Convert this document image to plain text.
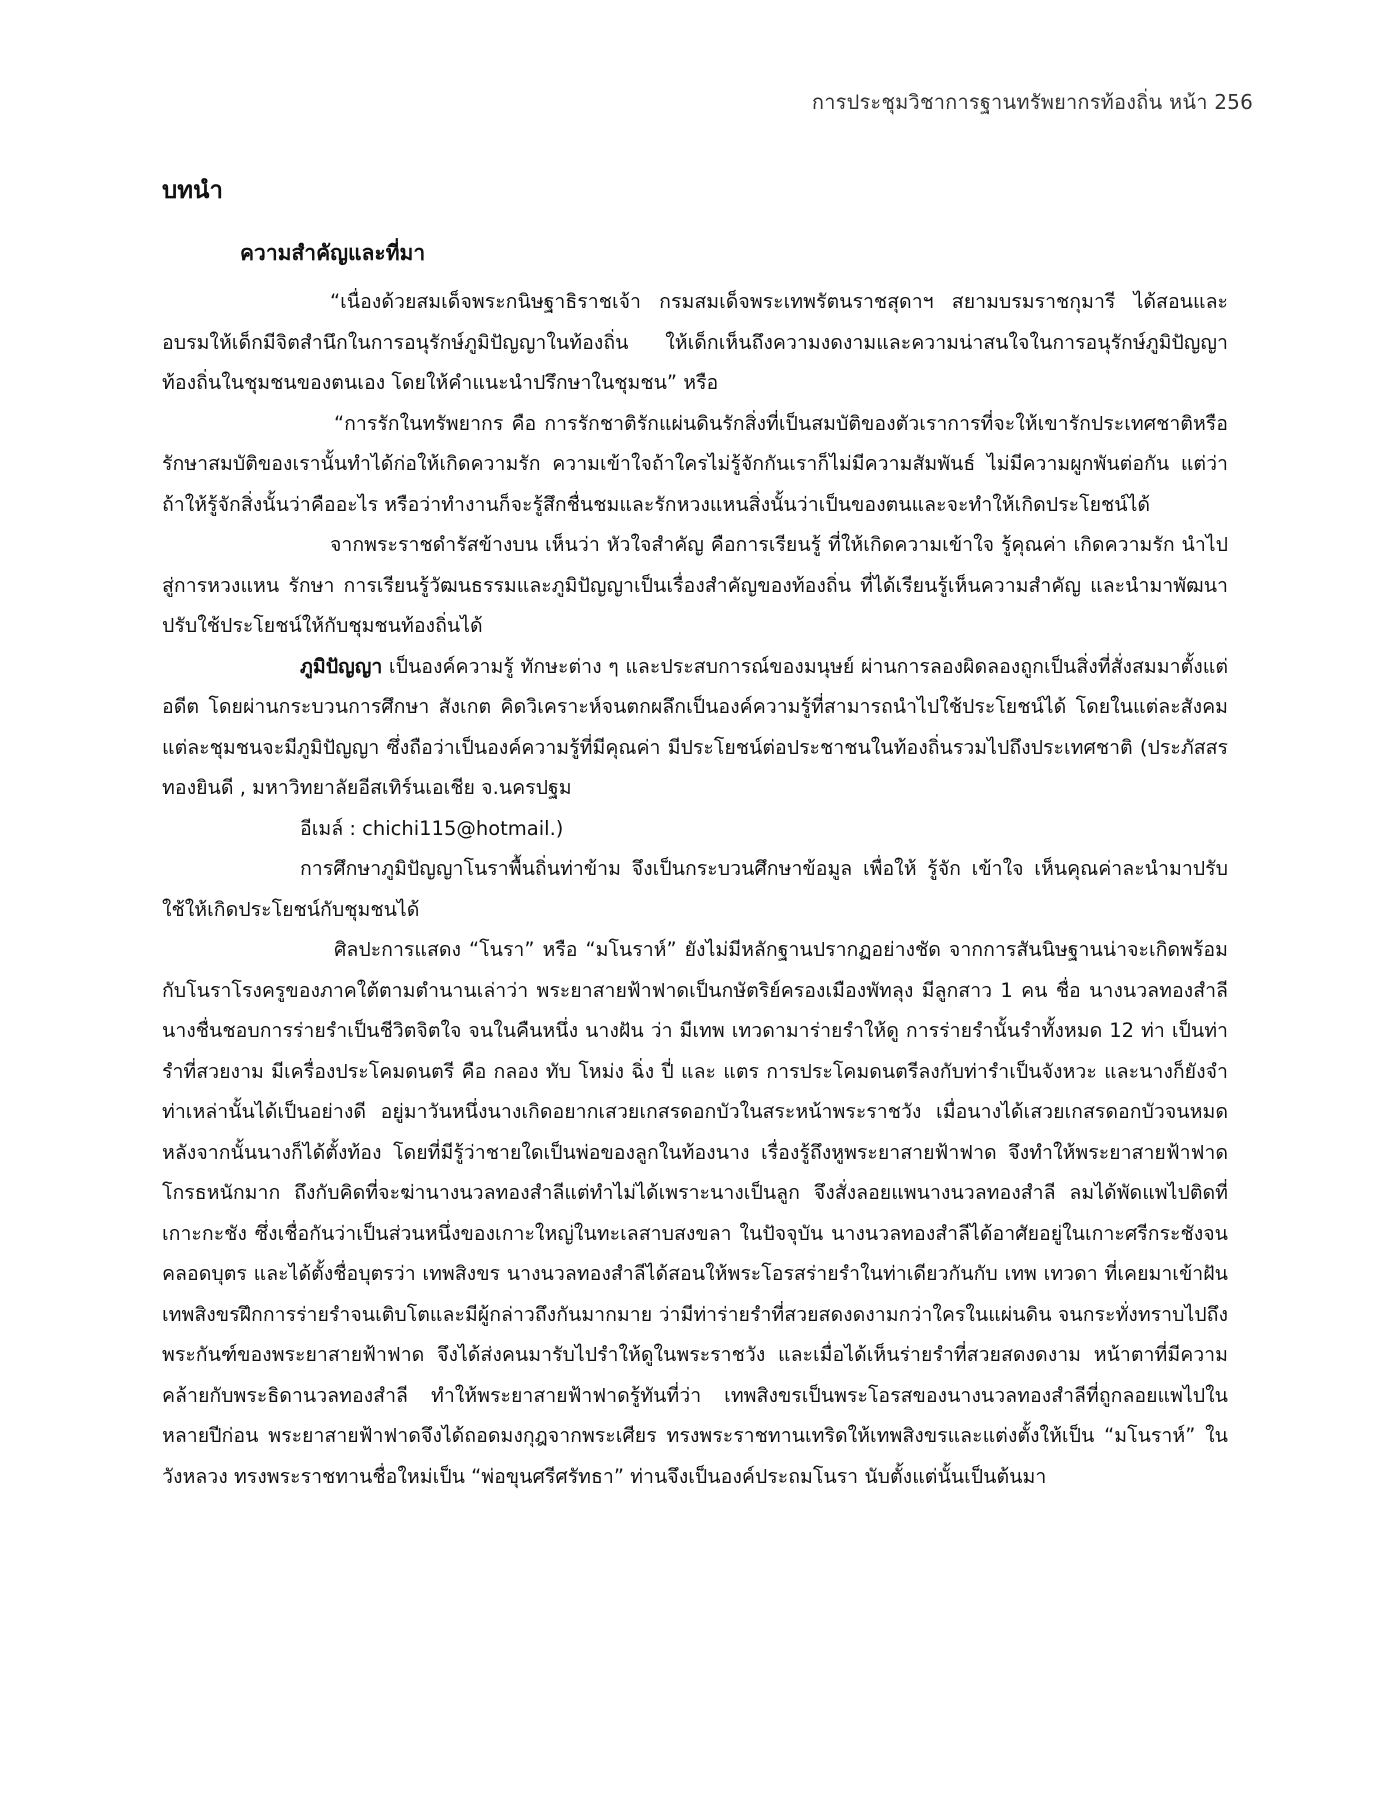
การประชุมวิชาการฐานทรัพยากรท้องถิ่น หน้า 256
บทนำ
ความสำคัญและที่มา

“เนื่องด้วยสมเด็จพระกนิษฐาธิราชเจ้า กรมสมเด็จพระเทพรัตนราชสุดาฯ สยามบรมราชกุมารี ได้สอนและอบรมให้เด็กมีจิตสำนึกในการอนุรักษ์ภูมิปัญญาในท้องถิ่น ให้เด็กเห็นถึงความงดงามและความน่าสนใจในการอนุรักษ์ภูมิปัญญาท้องถิ่นในชุมชนของตนเอง โดยให้คำแนะนำปรึกษาในชุมชน” หรือ

“การรักในทรัพยากร คือ การรักชาติรักแผ่นดินรักสิ่งที่เป็นสมบัติของตัวเราการที่จะให้เขารักประเทศชาติหรือรักษาสมบัติของเรานั้นทำได้ก่อให้เกิดความรัก ความเข้าใจถ้าใครไม่รู้จักกันเราก็ไม่มีความสัมพันธ์ ไม่มีความผูกพันต่อกัน แต่ว่าถ้าให้รู้จักสิ่งนั้นว่าคืออะไร หรือว่าทำงานก็จะรู้สึกชื่นชมและรักหวงแหนสิ่งนั้นว่าเป็นของตนและจะทำให้เกิดประโยชน์ได้

จากพระราชดำรัสข้างบน เห็นว่า หัวใจสำคัญ คือการเรียนรู้ ที่ให้เกิดความเข้าใจ รู้คุณค่า เกิดความรัก นำไปสู่การหวงแหน รักษา การเรียนรู้วัฒนธรรมและภูมิปัญญาเป็นเรื่องสำคัญของท้องถิ่น ที่ได้เรียนรู้เห็นความสำคัญ และนำมาพัฒนาปรับใช้ประโยชน์ให้กับชุมชนท้องถิ่นได้

ภูมิปัญญา เป็นองค์ความรู้ ทักษะต่าง ๆ และประสบการณ์ของมนุษย์ ผ่านการลองผิดลองถูกเป็นสิ่งที่สั่งสมมาตั้งแต่อดีต โดยผ่านกระบวนการศึกษา สังเกต คิดวิเคราะห์จนตกผลึกเป็นองค์ความรู้ที่สามารถนำไปใช้ประโยชน์ได้ โดยในแต่ละสังคม แต่ละชุมชนจะมีภูมิปัญญา ซึ่งถือว่าเป็นองค์ความรู้ที่มีคุณค่า มีประโยชน์ต่อประชาชนในท้องถิ่นรวมไปถึงประเทศชาติ (ประภัสสร ทองยินดี , มหาวิทยาลัยอีสเทิร์นเอเชีย จ.นครปฐม
อีเมล์ : chichi115@hotmail.)

การศึกษาภูมิปัญญาโนราพื้นถิ่นท่าข้าม จึงเป็นกระบวนศึกษาข้อมูล เพื่อให้ รู้จัก เข้าใจ เห็นคุณค่าละนำมาปรับใช้ให้เกิดประโยชน์กับชุมชนได้

ศิลปะการแสดง “โนรา” หรือ “มโนราห์” ยังไม่มีหลักฐานปรากฏอย่างชัด จากการสันนิษฐานน่าจะเกิดพร้อมกับโนราโรงครูของภาคใต้ตามตำนานเล่าว่า พระยาสายฟ้าฟาดเป็นกษัตริย์ครองเมืองพัทลุง มีลูกสาว 1 คน ชื่อ นางนวลทองสำลี นางชื่นชอบการร่ายรำเป็นชีวิตจิตใจ จนในคืนหนึ่ง นางฝัน ว่า มีเทพ เทวดามาร่ายรำให้ดู การร่ายรำนั้นรำทั้งหมด 12 ท่า เป็นท่ารำที่สวยงาม มีเครื่องประโคมดนตรี คือ กลอง ทับ โหม่ง ฉิ่ง ปี่ และ แตร การประโคมดนตรีลงกับท่ารำเป็นจังหวะ และนางก็ยังจำท่าเหล่านั้นได้เป็นอย่างดี อยู่มาวันหนึ่งนางเกิดอยากเสวยเกสรดอกบัวในสระหน้าพระราชวัง เมื่อนางได้เสวยเกสรดอกบัวจนหมด หลังจากนั้นนางก็ได้ตั้งท้อง โดยที่มีรู้ว่าชายใดเป็นพ่อของลูกในท้องนาง เรื่องรู้ถึงหูพระยาสายฟ้าฟาด จึงทำให้พระยาสายฟ้าฟาดโกรธหนักมาก ถึงกับคิดที่จะฆ่านางนวลทองสำลีแต่ทำไม่ได้เพราะนางเป็นลูก จึงสั่งลอยแพนางนวลทองสำลี ลมได้พัดแพไปติดที่เกาะกะชัง ซึ่งเชื่อกันว่าเป็นส่วนหนึ่งของเกาะใหญ่ในทะเลสาบสงขลา ในปัจจุบัน นางนวลทองสำลีได้อาศัยอยู่ในเกาะศรีกระชังจนคลอดบุตร และได้ตั้งชื่อบุตรว่า เทพสิงขร นางนวลทองสำลีได้สอนให้พระโอรสร่ายรำในท่าเดียวกันกับ เทพ เทวดา ที่เคยมาเข้าฝัน เทพสิงขรฝึกการร่ายรำจนเติบโตและมีผู้กล่าวถึงกันมากมาย ว่ามีท่าร่ายรำที่สวยสดงดงามกว่าใครในแผ่นดิน จนกระทั่งทราบไปถึงพระกันฑ์ของพระยาสายฟ้าฟาด จึงได้ส่งคนมารับไปรำให้ดูในพระราชวัง และเมื่อได้เห็นร่ายรำที่สวยสดงดงาม หน้าตาที่มีความคล้ายกับพระธิดานวลทองสำลี ทำให้พระยาสายฟ้าฟาดรู้ทันที่ว่า เทพสิงขรเป็นพระโอรสของนางนวลทองสำลีที่ถูกลอยแพไปในหลายปีก่อน พระยาสายฟ้าฟาดจึงได้ถอดมงกุฎจากพระเศียร ทรงพระราชทานเทริดให้เทพสิงขรและแต่งตั้งให้เป็น “มโนราห์” ในวังหลวง ทรงพระราชทานชื่อใหม่เป็น “พ่อขุนศรีศรัทธา” ท่านจึงเป็นองค์ประถมโนรา นับตั้งแต่นั้นเป็นต้นมา
